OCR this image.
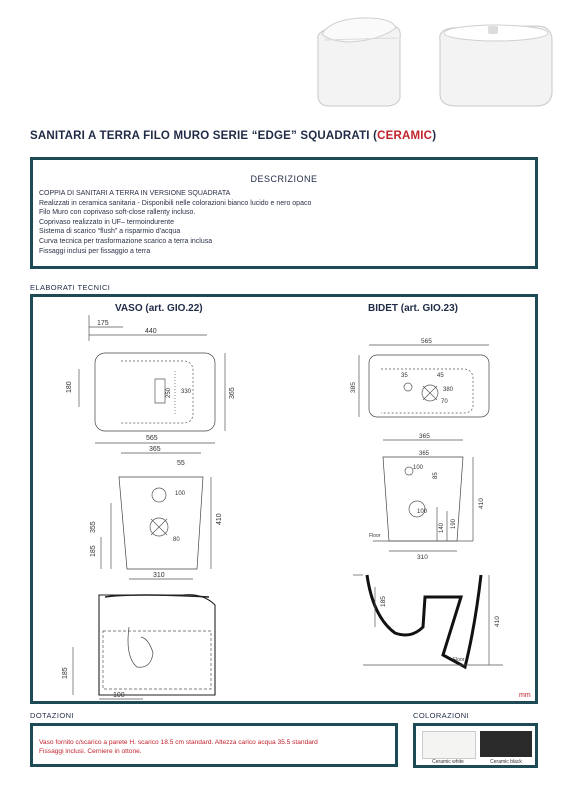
SANITARI A TERRA FILO MURO SERIE “EDGE” SQUADRATI (CERAMIC)
DESCRIZIONE
COPPIA DI SANITARI A TERRA IN VERSIONE SQUADRATA
Realizzati in ceramica sanitaria - Disponibili nelle colorazioni bianco lucido e nero opaco
Filo Muro con coprivaso soft-close rallenty incluso.
Coprivaso realizzato in UF– termoindurente
Sistema di scarico “flush” a risparmio d’acqua
Curva tecnica per trasformazione scarico a terra inclusa
Fissaggi inclusi per fissaggio a terra
ELABORATI TECNICI
VASO (art. GIO.22)	BIDET (art. GIO.23)
mm
175
440
180	250 330	365
565
365
55
100
355
410
185
80
310
185
100
565
35	45
385	380
70
365
365
100
85
410
100
140 190
310
185
410
Floor
Floor
DOTAZIONI	COLORAZIONI
Vaso fornito c/scarico a parete H. scarico 18.5 cm standard. Altezza carico acqua 35.5 standard
Fissaggi inclusi. Cerniere in ottone.
Ceramic white	Ceramic black
